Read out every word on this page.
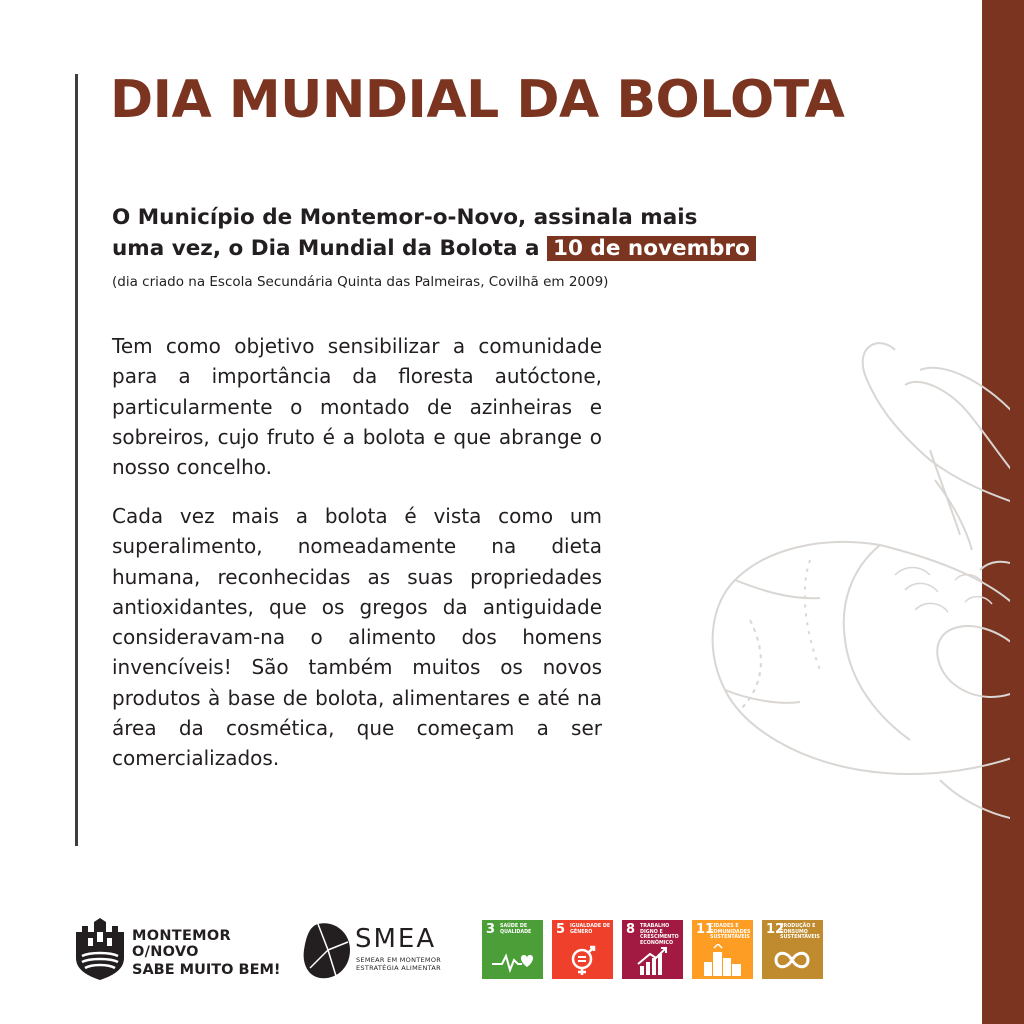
DIA MUNDIAL DA BOLOTA
O Município de Montemor-o-Novo, assinala mais
uma vez, o Dia Mundial da Bolota a 10 de novembro
(dia criado na Escola Secundária Quinta das Palmeiras, Covilhã em 2009)

Tem como objetivo sensibilizar a comunidade para a importância da floresta autóctone, particularmente o montado de azinheiras e sobreiros, cujo fruto é a bolota e que abrange o nosso concelho.

Cada vez mais a bolota é vista como um superalimento, nomeadamente na dieta humana, reconhecidas as suas propriedades antioxidantes, que os gregos da antiguidade consideravam-na o alimento dos homens invencíveis! São também muitos os novos produtos à base de bolota, alimentares e até na área da cosmética, que começam a ser comercializados.

MONTEMOR
O/NOVO
SABE MUITO BEM!
SMEA
SEMEAR EM MONTEMOR
ESTRATÉGIA ALIMENTAR
3 SAÚDE DE QUALIDADE	5 IGUALDADE DE GÉNERO	8 TRABALHO DIGNO E CRESCIMENTO ECONÓMICO
11
CIDADES E COMUNIDADES SUSTENTÁVEIS
12
PRODUÇÃO E CONSUMO SUSTENTÁVEIS
